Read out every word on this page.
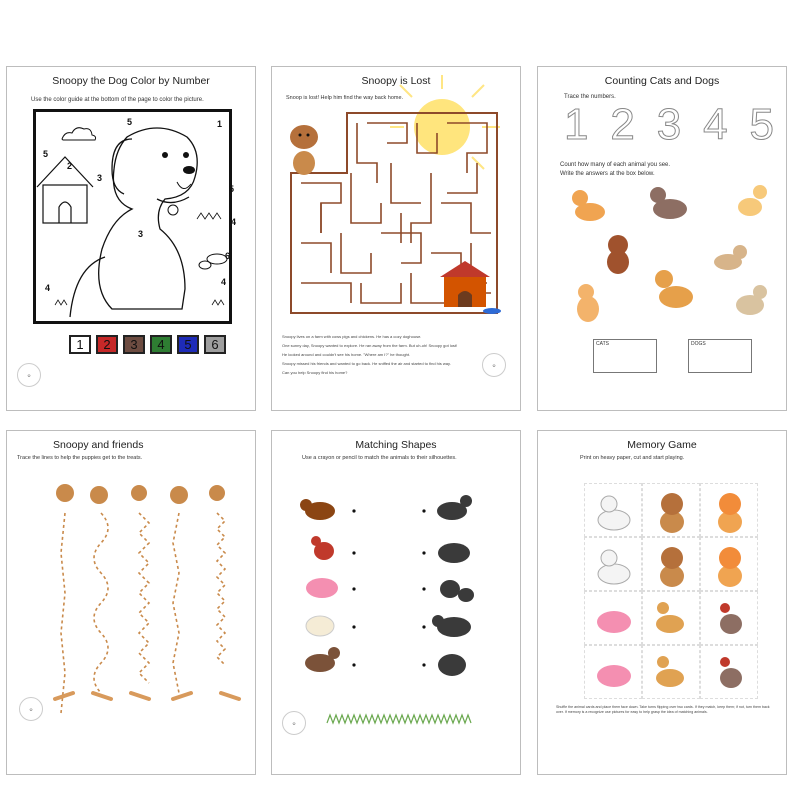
Snoopy the Dog Color by Number
Use the color guide at the bottom of the page to color the picture.
5	1
5
2
3
5
4
3
6
4
4
1	2	3	4	5	6
✿
Snoopy is Lost
Snoop is lost! Help him find the way back home.
Snoopy lives on a farm with cows pigs and chickens. He has a cozy doghouse.
One sunny day, Snoopy wanted to explore. He ran away from the farm. But uh-oh! Snoopy got lost!
He looked around and couldn't see his home. "Where am I?" he thought.
Snoopy missed his friends and wanted to go back. He sniffed the air and started to find his way.
Can you help Snoopy find his home?
✿
Counting Cats and Dogs
Trace the numbers.
1 2 3 4 5
Count how many of each animal you see.
Write the answers at the box below.
CATS	DOGS
Snoopy and friends
Trace the lines to help the puppies get to the treats.
✿
Matching Shapes
Use a crayon or pencil to match the animals to their silhouettes.
✿
Memory Game
Print on heavy paper, cut and start playing.
Shuffle the animal cards and place them face down. Take turns flipping over two cards. If they match, keep them; if not, turn them back over. If memory is a recognize use pictures for easy to help grasp the idea of matching animals.
